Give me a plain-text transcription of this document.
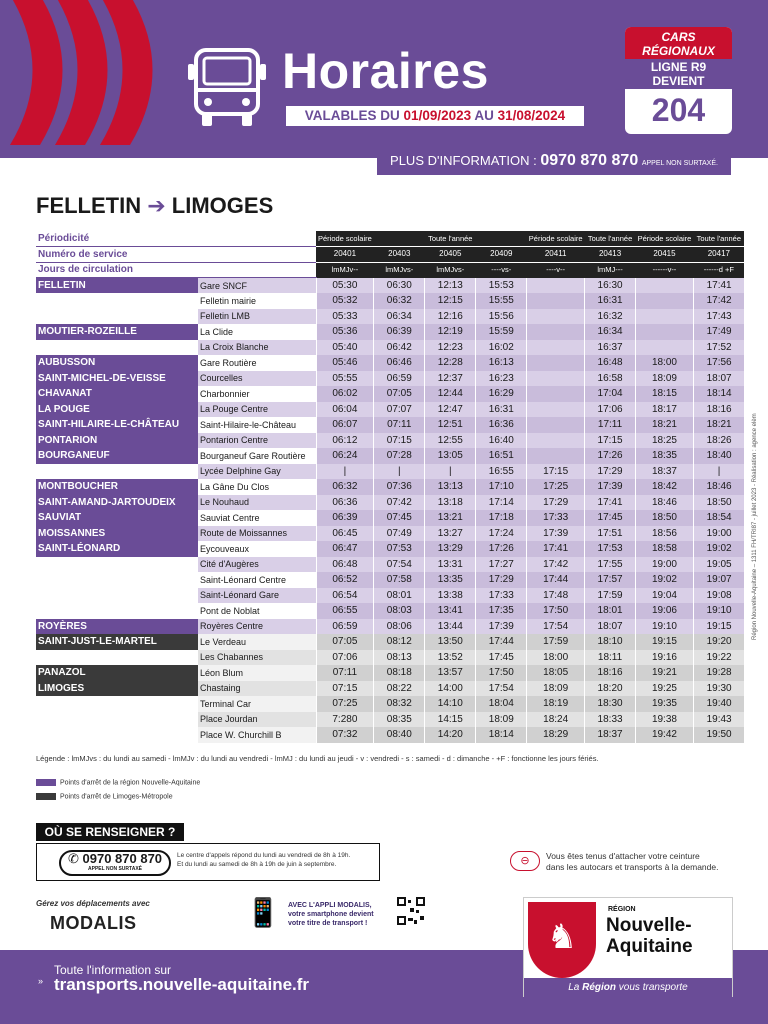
Horaires
VALABLES DU 01/09/2023 AU 31/08/2024
CARS RÉGIONAUX
LIGNE R9 DEVIENT
204
PLUS D'INFORMATION : 0970 870 870 APPEL NON SURTAXÉ.
FELLETIN ➔ LIMOGES
Périodicité		Période scolaire	Toute l'année			Période scolaire	Toute l'année	Période scolaire	Toute l'année
Numéro de service		20401	20403	20405	20409	20411	20413	20415	20417
Jours de circulation		lmMJv--	lmMJvs-	lmMJvs-	----vs-	----v--	lmMJ---	------v--	------d +F
FELLETIN	Gare SNCF	05:30	06:30	12:13	15:53		16:30		17:41
	Felletin mairie	05:32	06:32	12:15	15:55		16:31		17:42
	Felletin LMB	05:33	06:34	12:16	15:56		16:32		17:43
MOUTIER-ROZEILLE	La Clide	05:36	06:39	12:19	15:59		16:34		17:49
	La Croix Blanche	05:40	06:42	12:23	16:02		16:37		17:52
AUBUSSON	Gare Routière	05:46	06:46	12:28	16:13		16:48	18:00	17:56
SAINT-MICHEL-DE-VEISSE	Courcelles	05:55	06:59	12:37	16:23		16:58	18:09	18:07
CHAVANAT	Charbonnier	06:02	07:05	12:44	16:29		17:04	18:15	18:14
LA POUGE	La Pouge Centre	06:04	07:07	12:47	16:31		17:06	18:17	18:16
SAINT-HILAIRE-LE-CHÂTEAU	Saint-Hilaire-le-Château	06:07	07:11	12:51	16:36		17:11	18:21	18:21
PONTARION	Pontarion Centre	06:12	07:15	12:55	16:40		17:15	18:25	18:26
BOURGANEUF	Bourganeuf Gare Routière	06:24	07:28	13:05	16:51		17:26	18:35	18:40
	Lycée Delphine Gay	|	|	|	16:55	17:15	17:29	18:37	|
MONTBOUCHER	La Gâne Du Clos	06:32	07:36	13:13	17:10	17:25	17:39	18:42	18:46
SAINT-AMAND-JARTOUDEIX	Le Nouhaud	06:36	07:42	13:18	17:14	17:29	17:41	18:46	18:50
SAUVIAT	Sauviat Centre	06:39	07:45	13:21	17:18	17:33	17:45	18:50	18:54
MOISSANNES	Route de Moissannes	06:45	07:49	13:27	17:24	17:39	17:51	18:56	19:00
SAINT-LÉONARD	Eycouveaux	06:47	07:53	13:29	17:26	17:41	17:53	18:58	19:02
	Cité d'Augères	06:48	07:54	13:31	17:27	17:42	17:55	19:00	19:05
	Saint-Léonard Centre	06:52	07:58	13:35	17:29	17:44	17:57	19:02	19:07
	Saint-Léonard Gare	06:54	08:01	13:38	17:33	17:48	17:59	19:04	19:08
	Pont de Noblat	06:55	08:03	13:41	17:35	17:50	18:01	19:06	19:10
ROYÈRES	Royères Centre	06:59	08:06	13:44	17:39	17:54	18:07	19:10	19:15
SAINT-JUST-LE-MARTEL	Le Verdeau	07:05	08:12	13:50	17:44	17:59	18:10	19:15	19:20
	Les Chabannes	07:06	08:13	13:52	17:45	18:00	18:11	19:16	19:22
PANAZOL	Léon Blum	07:11	08:18	13:57	17:50	18:05	18:16	19:21	19:28
LIMOGES	Chastaing	07:15	08:22	14:00	17:54	18:09	18:20	19:25	19:30
	Terminal Car	07:25	08:32	14:10	18:04	18:19	18:30	19:35	19:40
	Place Jourdan	7:280	08:35	14:15	18:09	18:24	18:33	19:38	19:43
	Place W. Churchill B	07:32	08:40	14:20	18:14	18:29	18:37	19:42	19:50
Légende : lmMJvs : du lundi au samedi - lmMJv : du lundi au vendredi - lmMJ : du lundi au jeudi - v : vendredi - s : samedi - d : dimanche - +F : fonctionne les jours fériés.
Points d'arrêt de la région Nouvelle-Aquitaine
Points d'arrêt de Limoges-Métropole
Région Nouvelle-Aquitaine – 1311 FH/TRI87 - juillet 2023 - Réalisation : agence elèm
OÙ SE RENSEIGNER ?
✆ 0970 870 870
APPEL NON SURTAXÉ
Le centre d'appels répond du lundi au vendredi de 8h à 19h.
Et du lundi au samedi de 8h à 19h de juin à septembre.	⊖	Vous êtes tenus d'attacher votre ceinture
dans les autocars et transports à la demande.
Gérez vos déplacements avec
MODALIS	📱	AVEC L'APPLI MODALIS,
votre smartphone devient
votre titre de transport !
Toute l'information sur
» transports.nouvelle-aquitaine.fr
♞
RÉGION
Nouvelle-
Aquitaine
La Région vous transporte
